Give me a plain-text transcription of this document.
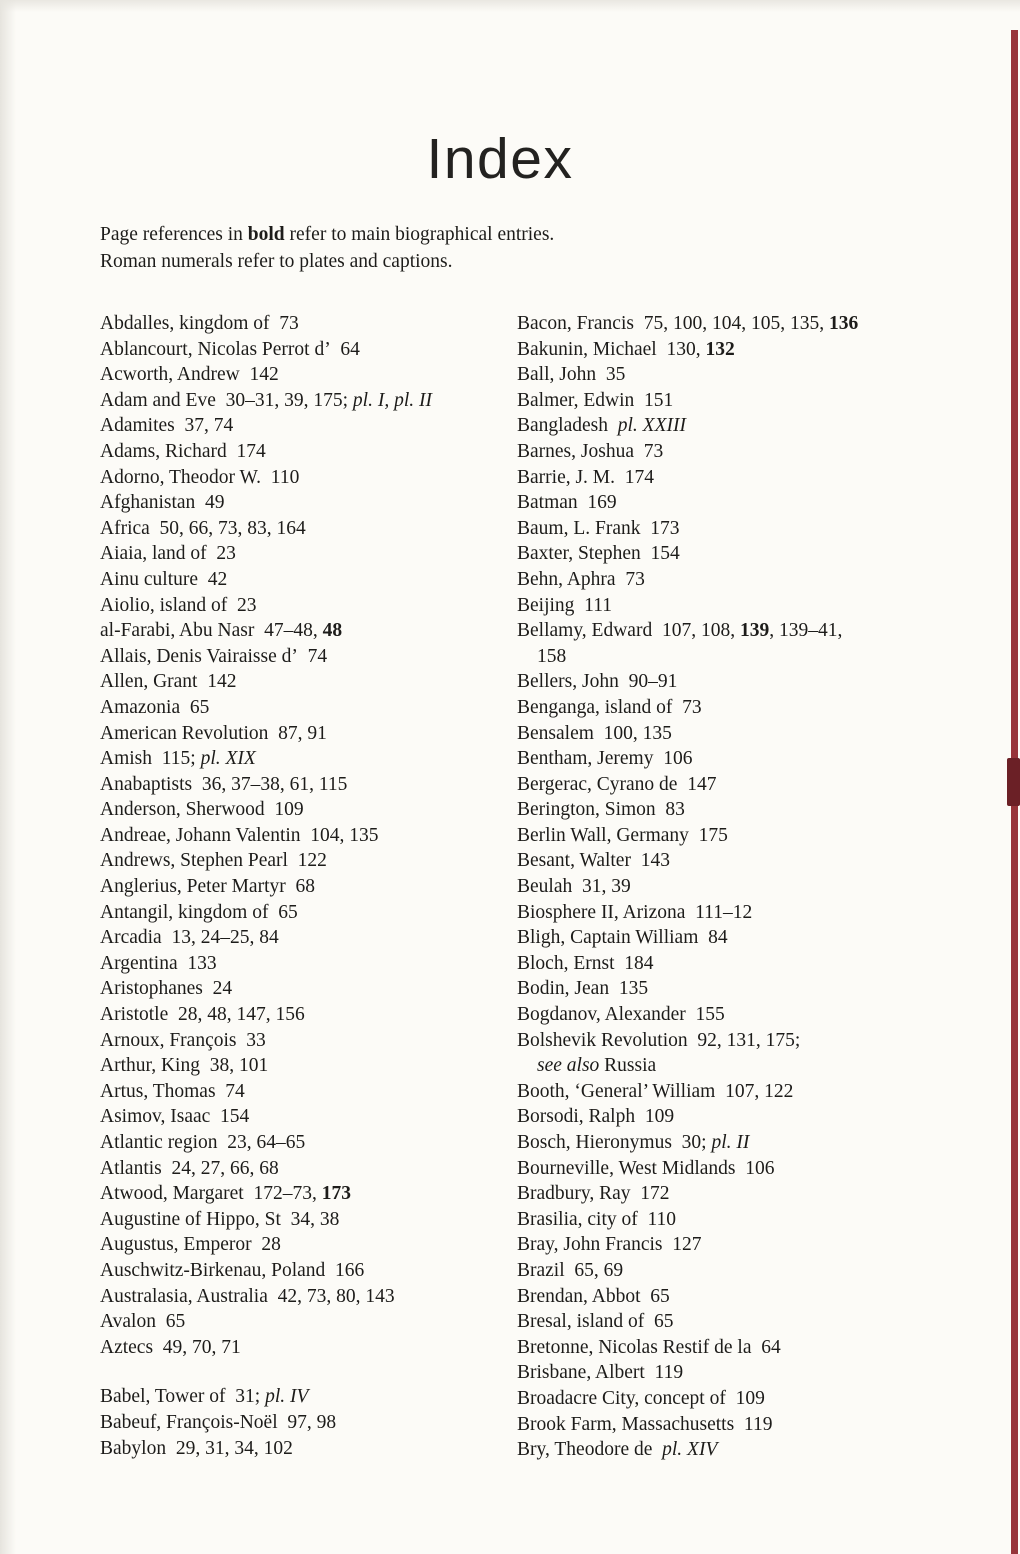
Index

Page references in bold refer to main biographical entries.
Roman numerals refer to plates and captions.

Abdalles, kingdom of 73
Ablancourt, Nicolas Perrot d’ 64
Acworth, Andrew 142
Adam and Eve 30–31, 39, 175; pl. I, pl. II
Adamites 37, 74
Adams, Richard 174
Adorno, Theodor W. 110
Afghanistan 49
Africa 50, 66, 73, 83, 164
Aiaia, land of 23
Ainu culture 42
Aiolio, island of 23
al-Farabi, Abu Nasr 47–48, 48
Allais, Denis Vairaisse d’ 74
Allen, Grant 142
Amazonia 65
American Revolution 87, 91
Amish 115; pl. XIX
Anabaptists 36, 37–38, 61, 115
Anderson, Sherwood 109
Andreae, Johann Valentin 104, 135
Andrews, Stephen Pearl 122
Anglerius, Peter Martyr 68
Antangil, kingdom of 65
Arcadia 13, 24–25, 84
Argentina 133
Aristophanes 24
Aristotle 28, 48, 147, 156
Arnoux, François 33
Arthur, King 38, 101
Artus, Thomas 74
Asimov, Isaac 154
Atlantic region 23, 64–65
Atlantis 24, 27, 66, 68
Atwood, Margaret 172–73, 173
Augustine of Hippo, St 34, 38
Augustus, Emperor 28
Auschwitz-Birkenau, Poland 166
Australasia, Australia 42, 73, 80, 143
Avalon 65
Aztecs 49, 70, 71
Babel, Tower of 31; pl. IV
Babeuf, François-Noël 97, 98
Babylon 29, 31, 34, 102
Bacon, Francis 75, 100, 104, 105, 135, 136
Bakunin, Michael 130, 132
Ball, John 35
Balmer, Edwin 151
Bangladesh pl. XXIII
Barnes, Joshua 73
Barrie, J. M. 174
Batman 169
Baum, L. Frank 173
Baxter, Stephen 154
Behn, Aphra 73
Beijing 111
Bellamy, Edward 107, 108, 139, 139–41,
158
Bellers, John 90–91
Benganga, island of 73
Bensalem 100, 135
Bentham, Jeremy 106
Bergerac, Cyrano de 147
Berington, Simon 83
Berlin Wall, Germany 175
Besant, Walter 143
Beulah 31, 39
Biosphere II, Arizona 111–12
Bligh, Captain William 84
Bloch, Ernst 184
Bodin, Jean 135
Bogdanov, Alexander 155
Bolshevik Revolution 92, 131, 175;
see also Russia
Booth, ‘General’ William 107, 122
Borsodi, Ralph 109
Bosch, Hieronymus 30; pl. II
Bourneville, West Midlands 106
Bradbury, Ray 172
Brasilia, city of 110
Bray, John Francis 127
Brazil 65, 69
Brendan, Abbot 65
Bresal, island of 65
Bretonne, Nicolas Restif de la 64
Brisbane, Albert 119
Broadacre City, concept of 109
Brook Farm, Massachusetts 119
Bry, Theodore de pl. XIV
